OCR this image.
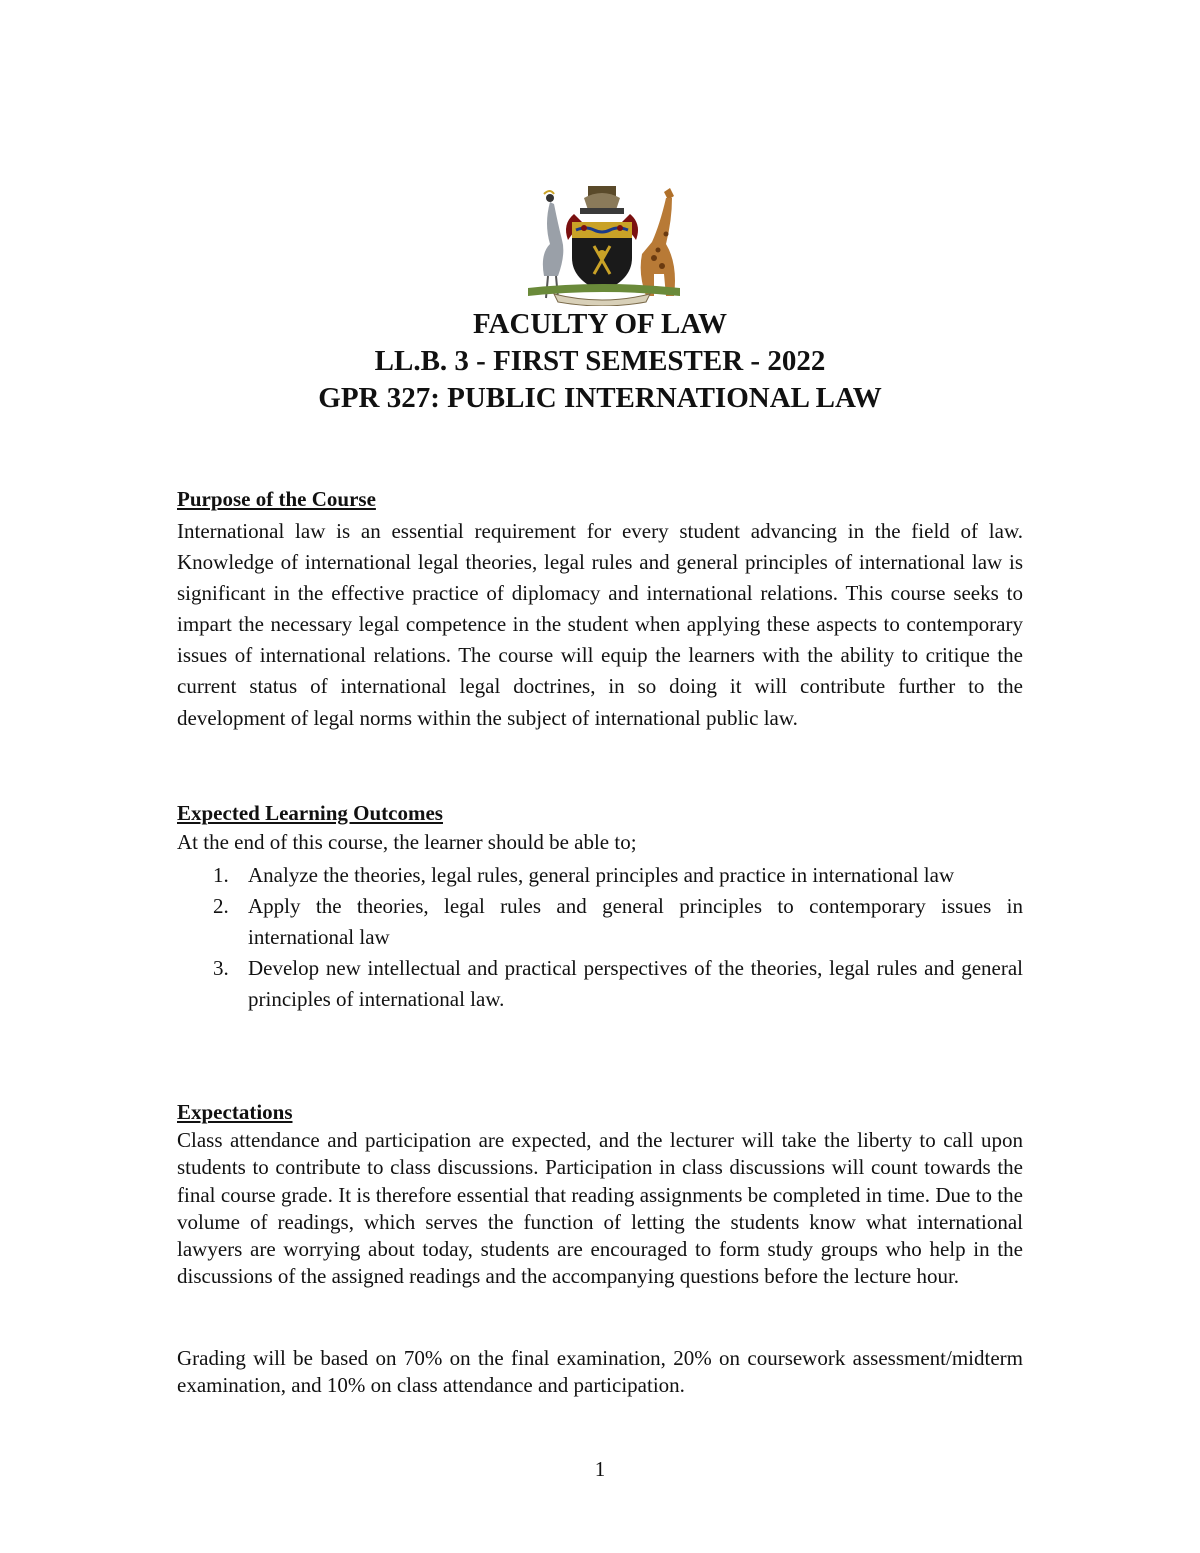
FACULTY OF LAW
LL.B. 3 - FIRST SEMESTER - 2022
GPR 327: PUBLIC INTERNATIONAL LAW
Purpose of the Course

International law is an essential requirement for every student advancing in the field of law. Knowledge of international legal theories, legal rules and general principles of international law is significant in the effective practice of diplomacy and international relations. This course seeks to impart the necessary legal competence in the student when applying these aspects to contemporary issues of international relations. The course will equip the learners with the ability to critique the current status of international legal doctrines, in so doing it will contribute further to the development of legal norms within the subject of international public law.

Expected Learning Outcomes

At the end of this course, the learner should be able to;

1. Analyze the theories, legal rules, general principles and practice in international law
2. Apply the theories, legal rules and general principles to contemporary issues in international law
3. Develop new intellectual and practical perspectives of the theories, legal rules and general principles of international law.
Expectations

Class attendance and participation are expected, and the lecturer will take the liberty to call upon students to contribute to class discussions. Participation in class discussions will count towards the final course grade. It is therefore essential that reading assignments be completed in time. Due to the volume of readings, which serves the function of letting the students know what international lawyers are worrying about today, students are encouraged to form study groups who help in the discussions of the assigned readings and the accompanying questions before the lecture hour.

Grading will be based on 70% on the final examination, 20% on coursework assessment/midterm examination, and 10% on class attendance and participation.

1
